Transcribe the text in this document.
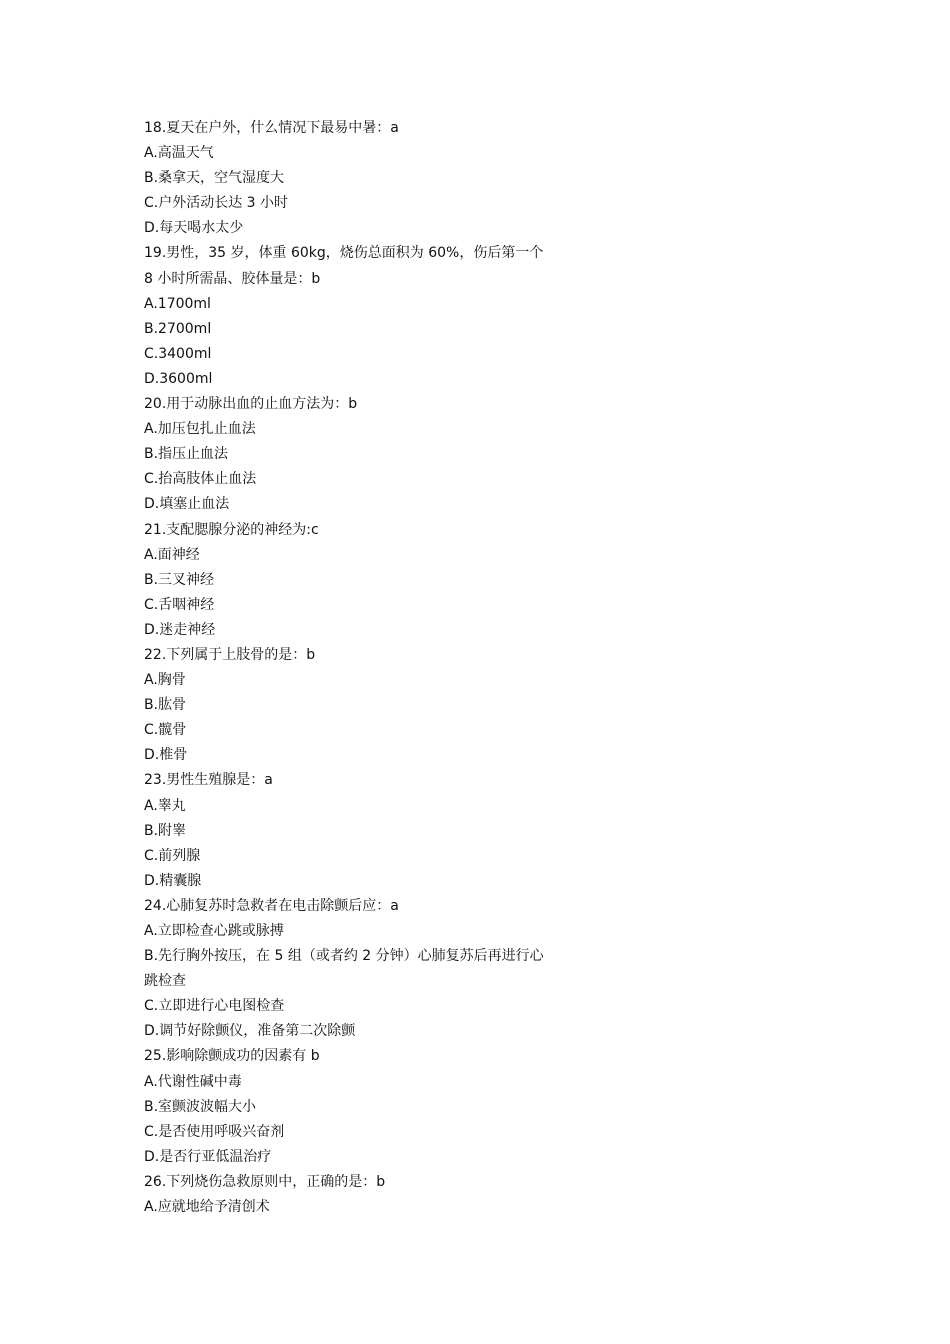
18.夏天在户外，什么情况下最易中暑：a
A.高温天气
B.桑拿天，空气湿度大
C.户外活动长达 3 小时
D.每天喝水太少
19.男性，35 岁，体重 60kg，烧伤总面积为 60%，伤后第一个
8 小时所需晶、胶体量是：b
A.1700ml
B.2700ml
C.3400ml
D.3600ml
20.用于动脉出血的止血方法为：b
A.加压包扎止血法
B.指压止血法
C.抬高肢体止血法
D.填塞止血法
21.支配腮腺分泌的神经为:c
A.面神经
B.三叉神经
C.舌咽神经
D.迷走神经
22.下列属于上肢骨的是：b
A.胸骨
B.肱骨
C.髋骨
D.椎骨
23.男性生殖腺是：a
A.睾丸
B.附睾
C.前列腺
D.精囊腺
24.心肺复苏时急救者在电击除颤后应：a
A.立即检查心跳或脉搏
B.先行胸外按压，在 5 组（或者约 2 分钟）心肺复苏后再进行心
跳检查
C.立即进行心电图检查
D.调节好除颤仪，准备第二次除颤
25.影响除颤成功的因素有 b
A.代谢性碱中毒
B.室颤波波幅大小
C.是否使用呼吸兴奋剂
D.是否行亚低温治疗
26.下列烧伤急救原则中，正确的是：b
A.应就地给予清创术
